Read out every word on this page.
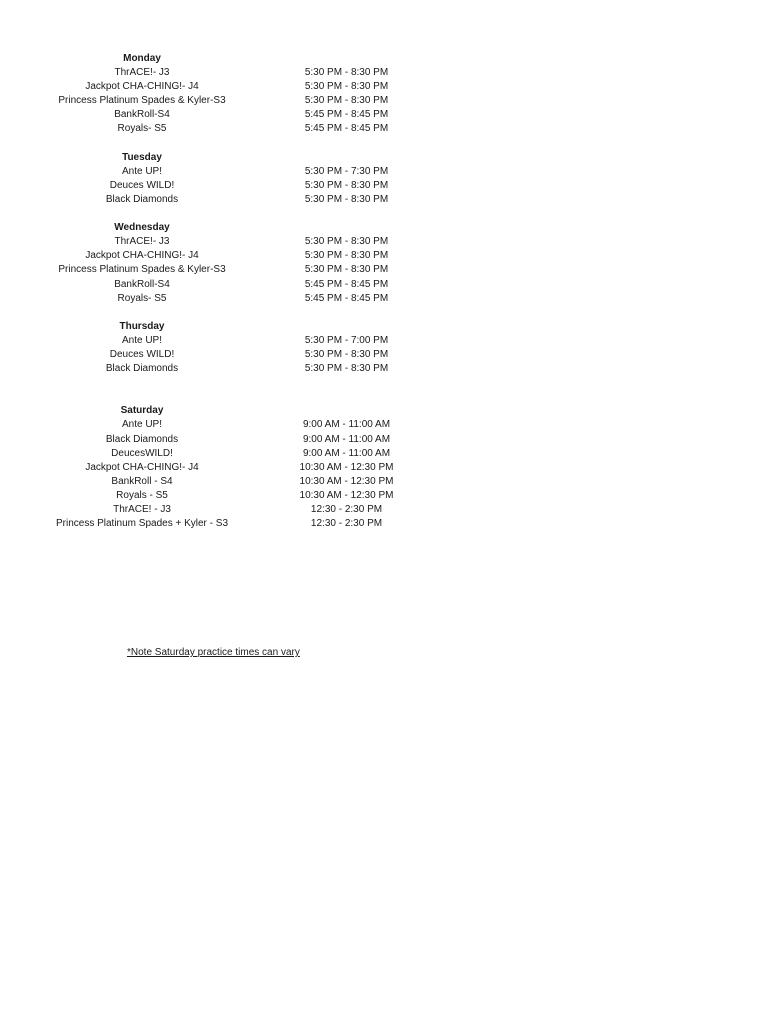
Monday
ThrACE!- J3	5:30 PM - 8:30 PM
Jackpot CHA-CHING!- J4	5:30 PM - 8:30 PM
Princess Platinum Spades & Kyler-S3	5:30 PM - 8:30 PM
BankRoll-S4	5:45 PM - 8:45 PM
Royals- S5	5:45 PM - 8:45 PM
Tuesday
Ante UP!	5:30 PM - 7:30 PM
Deuces WILD!	5:30 PM - 8:30 PM
Black Diamonds	5:30 PM - 8:30 PM
Wednesday
ThrACE!- J3	5:30 PM - 8:30 PM
Jackpot CHA-CHING!- J4	5:30 PM - 8:30 PM
Princess Platinum Spades & Kyler-S3	5:30 PM - 8:30 PM
BankRoll-S4	5:45 PM - 8:45 PM
Royals- S5	5:45 PM - 8:45 PM
Thursday
Ante UP!	5:30 PM - 7:00 PM
Deuces WILD!	5:30 PM - 8:30 PM
Black Diamonds	5:30 PM - 8:30 PM
Saturday
Ante UP!	9:00 AM - 11:00 AM
Black Diamonds	9:00 AM - 11:00 AM
DeucesWILD!	9:00 AM - 11:00 AM
Jackpot CHA-CHING!- J4	10:30 AM - 12:30 PM
BankRoll - S4	10:30 AM - 12:30 PM
Royals - S5	10:30 AM - 12:30 PM
ThrACE! - J3	12:30 - 2:30 PM
Princess Platinum Spades + Kyler - S3	12:30 - 2:30 PM
*Note Saturday practice times can vary
